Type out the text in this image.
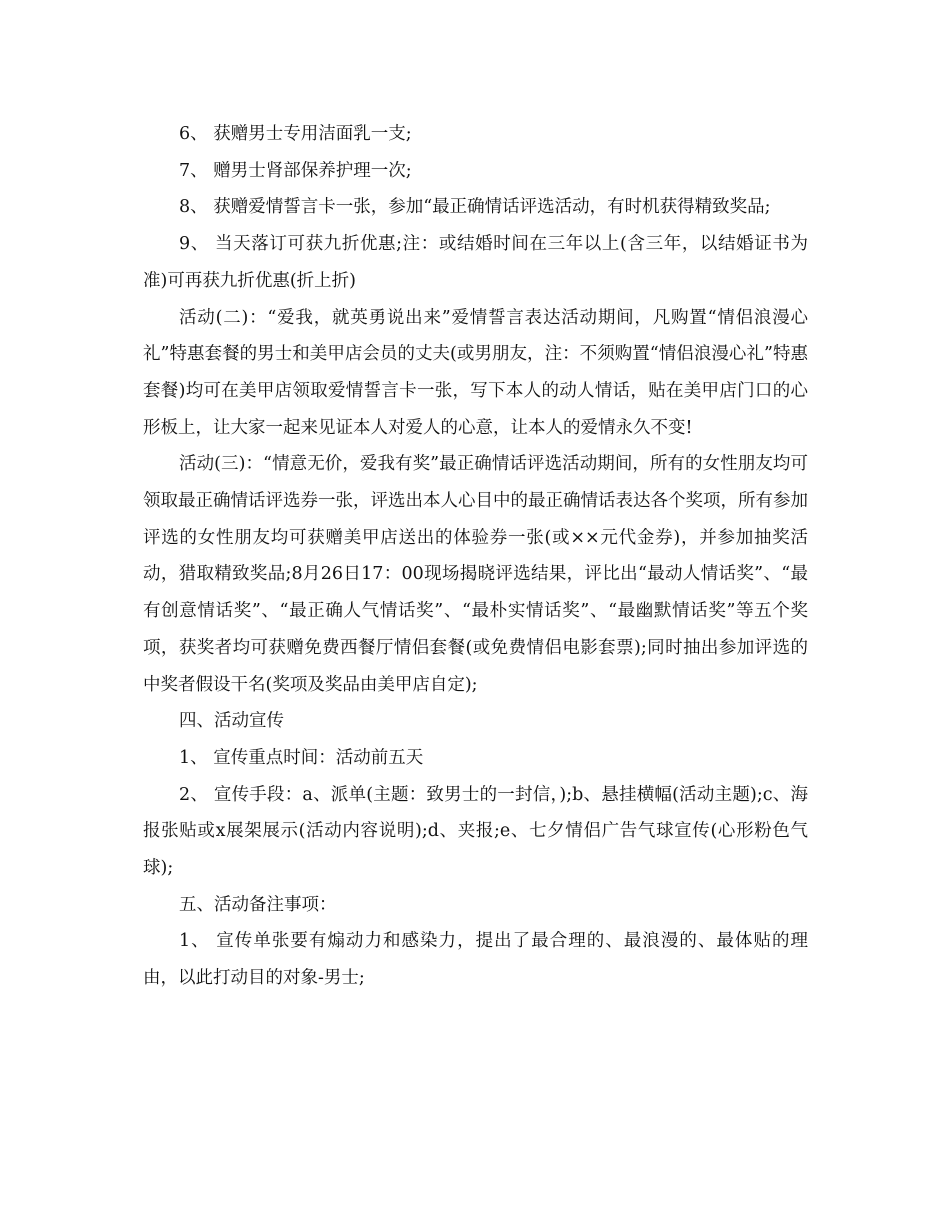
6、 获赠男士专用洁面乳一支;

7、 赠男士肾部保养护理一次;

8、 获赠爱情誓言卡一张，参加“最正确情话评选活动，有时机获得精致奖品;

9、 当天落订可获九折优惠;注：或结婚时间在三年以上(含三年，以结婚证书为准)可再获九折优惠(折上折)

活动(二)：“爱我，就英勇说出来”爱情誓言表达活动期间，凡购置“情侣浪漫心礼”特惠套餐的男士和美甲店会员的丈夫(或男朋友，注：不须购置“情侣浪漫心礼”特惠套餐)均可在美甲店领取爱情誓言卡一张，写下本人的动人情话，贴在美甲店门口的心形板上，让大家一起来见证本人对爱人的心意，让本人的爱情永久不变!

活动(三)：“情意无价，爱我有奖”最正确情话评选活动期间，所有的女性朋友均可领取最正确情话评选券一张，评选出本人心目中的最正确情话表达各个奖项，所有参加评选的女性朋友均可获赠美甲店送出的体验券一张(或××元代金券)，并参加抽奖活动，猎取精致奖品;8月26日17：00现场揭晓评选结果，评比出“最动人情话奖”、“最有创意情话奖”、“最正确人气情话奖”、“最朴实情话奖”、“最幽默情话奖”等五个奖项，获奖者均可获赠免费西餐厅情侣套餐(或免费情侣电影套票);同时抽出参加评选的中奖者假设干名(奖项及奖品由美甲店自定);

四、活动宣传

1、 宣传重点时间：活动前五天

2、 宣传手段：a、派单(主题：致男士的一封信，);b、悬挂横幅(活动主题);c、海报张贴或x展架展示(活动内容说明);d、夹报;e、七夕情侣广告气球宣传(心形粉色气球);

五、活动备注事项：

1、 宣传单张要有煽动力和感染力，提出了最合理的、最浪漫的、最体贴的理由，以此打动目的对象-男士;
